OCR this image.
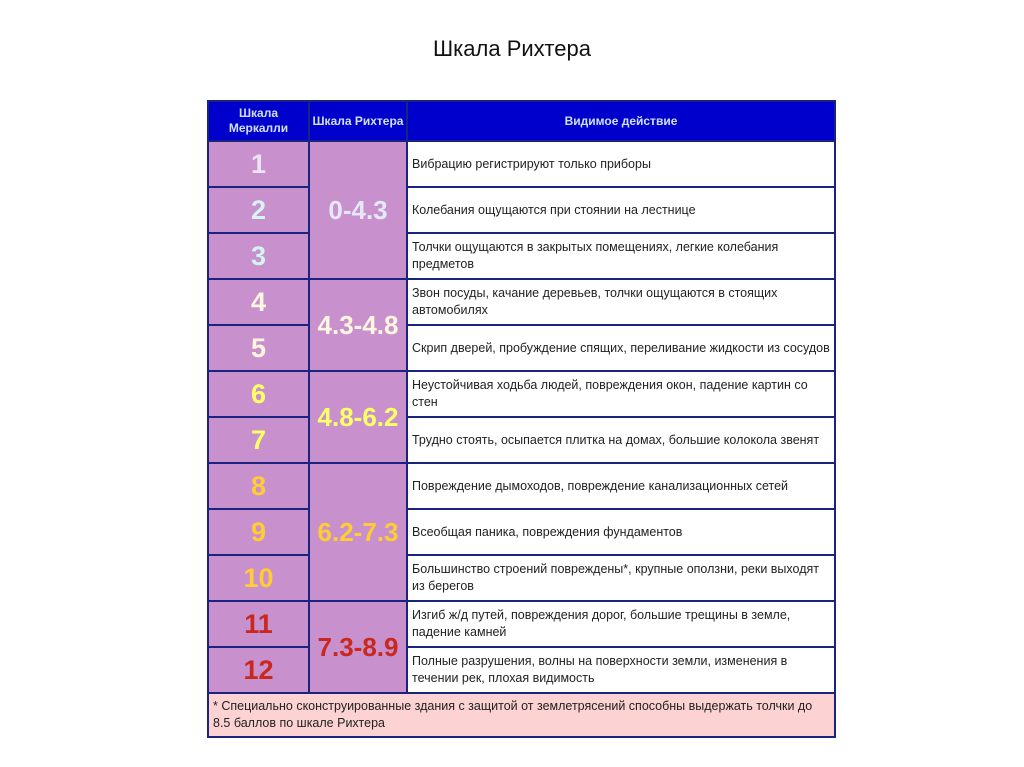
Шкала Рихтера
Шкала Меркалли	Шкала Рихтера	Видимое действие
1	0-4.3	Вибрацию регистрируют только приборы
2		Колебания ощущаются при стоянии на лестнице
3		Толчки ощущаются в закрытых помещениях, легкие колебания предметов
4	4.3-4.8	Звон посуды, качание деревьев, толчки ощущаются в стоящих автомобилях
5		Скрип дверей, пробуждение спящих, переливание жидкости из сосудов
6	4.8-6.2	Неустойчивая ходьба людей, повреждения окон, падение картин со стен
7		Трудно стоять, осыпается плитка на домах, большие колокола звенят
8	6.2-7.3	Повреждение дымоходов, повреждение канализационных сетей
9		Всеобщая паника, повреждения фундаментов
10		Большинство строений повреждены*, крупные оползни, реки выходят из берегов
11	7.3-8.9	Изгиб ж/д путей, повреждения дорог, большие трещины в земле, падение камней
12		Полные разрушения, волны на поверхности земли, изменения в течении рек, плохая видимость
* Специально сконструированные здания с защитой от землетрясений способны выдержать толчки до 8.5 баллов по шкале Рихтера		
